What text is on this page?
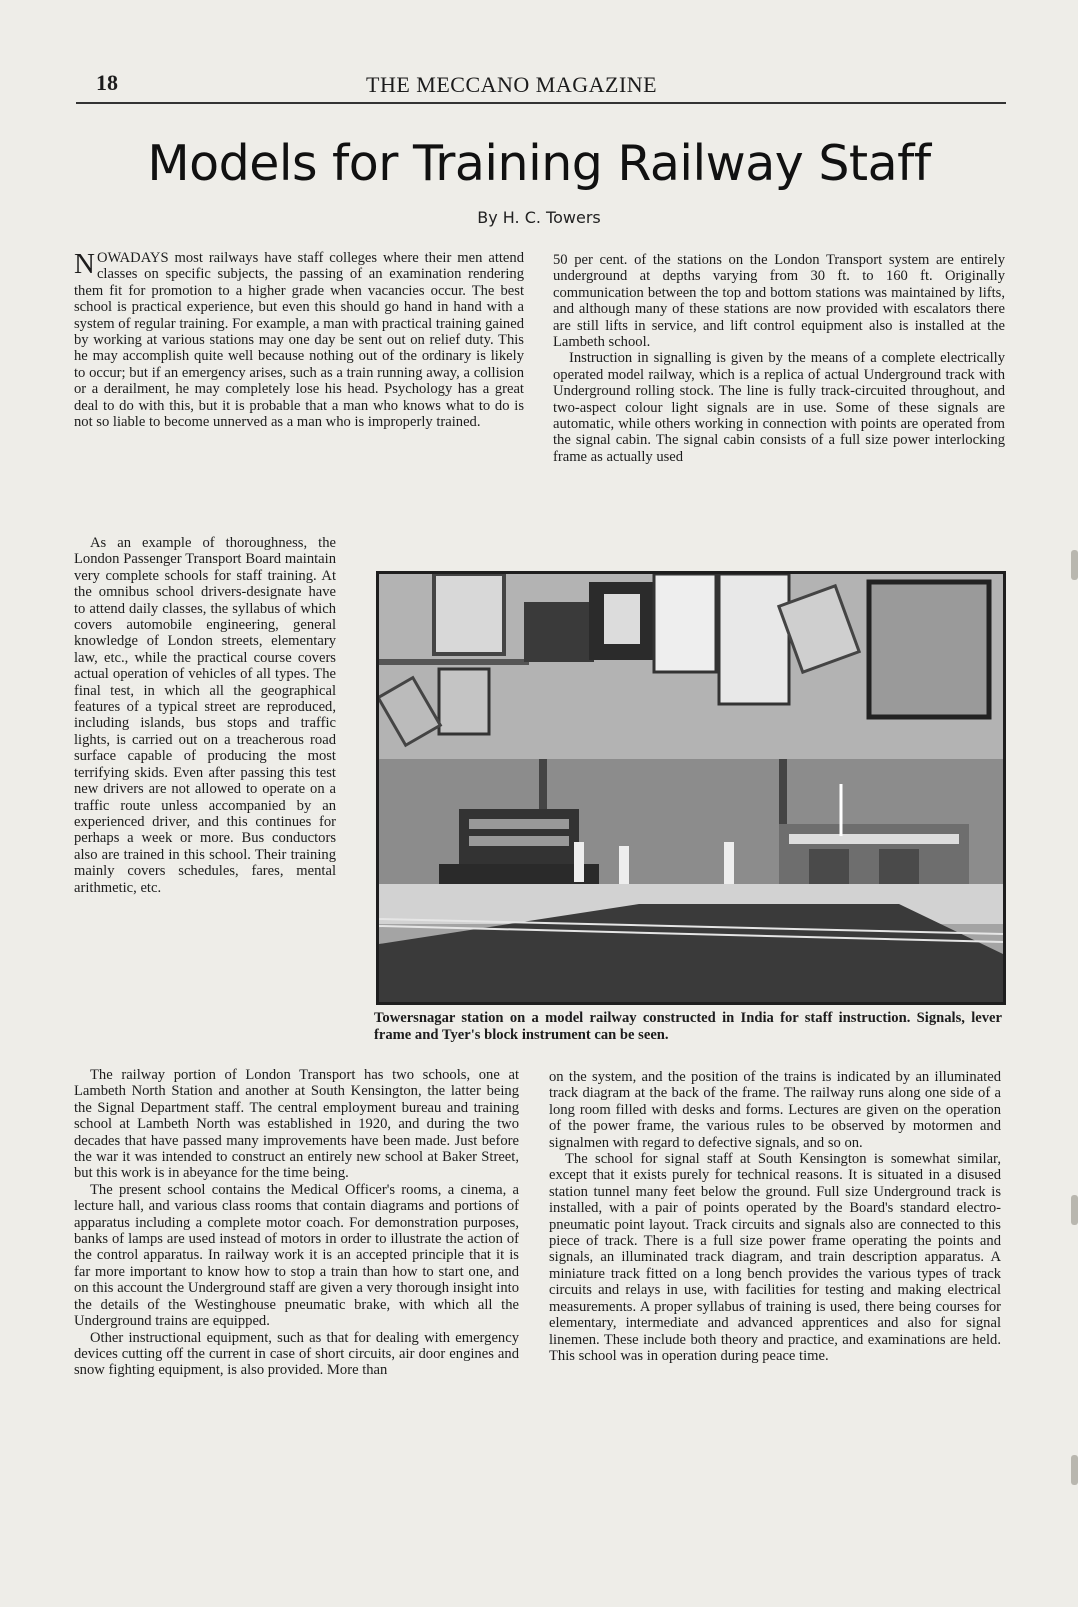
18	THE MECCANO MAGAZINE
Models for Training Railway Staff
By H. C. Towers

NOWADAYS most railways have staff colleges where their men attend classes on specific subjects, the passing of an examination rendering them fit for promotion to a higher grade when vacancies occur. The best school is practical experience, but even this should go hand in hand with a system of regular training. For example, a man with practical training gained by working at various stations may one day be sent out on relief duty. This he may accomplish quite well because nothing out of the ordinary is likely to occur; but if an emergency arises, such as a train running away, a collision or a derailment, he may completely lose his head. Psychology has a great deal to do with this, but it is probable that a man who knows what to do is not so liable to become unnerved as a man who is improperly trained.

50 per cent. of the stations on the London Transport system are entirely underground at depths varying from 30 ft. to 160 ft. Originally communication between the top and bottom stations was maintained by lifts, and although many of these stations are now provided with escalators there are still lifts in service, and lift control equipment also is installed at the Lambeth school.

Instruction in signalling is given by the means of a complete electrically operated model railway, which is a replica of actual Underground track with Underground rolling stock. The line is fully track-circuited throughout, and two-aspect colour light signals are in use. Some of these signals are automatic, while others working in connection with points are operated from the signal cabin. The signal cabin consists of a full size power interlocking frame as actually used

As an example of thoroughness, the London Passenger Transport Board maintain very complete schools for staff training. At the omnibus school drivers-designate have to attend daily classes, the syllabus of which covers automobile engineering, general knowledge of London streets, elementary law, etc., while the practical course covers actual operation of vehicles of all types. The final test, in which all the geographical features of a typical street are reproduced, including islands, bus stops and traffic lights, is carried out on a treacherous road surface capable of producing the most terrifying skids. Even after passing this test new drivers are not allowed to operate on a traffic route unless accompanied by an experienced driver, and this continues for perhaps a week or more. Bus conductors also are trained in this school. Their training mainly covers schedules, fares, mental arithmetic, etc.

Towersnagar station on a model railway constructed in India for staff instruction. Signals, lever frame and Tyer's block instrument can be seen.

The railway portion of London Transport has two schools, one at Lambeth North Station and another at South Kensington, the latter being the Signal Department staff. The central employment bureau and training school at Lambeth North was established in 1920, and during the two decades that have passed many improvements have been made. Just before the war it was intended to construct an entirely new school at Baker Street, but this work is in abeyance for the time being.

The present school contains the Medical Officer's rooms, a cinema, a lecture hall, and various class rooms that contain diagrams and portions of apparatus including a complete motor coach. For demonstration purposes, banks of lamps are used instead of motors in order to illustrate the action of the control apparatus. In railway work it is an accepted principle that it is far more important to know how to stop a train than how to start one, and on this account the Underground staff are given a very thorough insight into the details of the Westinghouse pneumatic brake, with which all the Underground trains are equipped.

Other instructional equipment, such as that for dealing with emergency devices cutting off the current in case of short circuits, air door engines and snow fighting equipment, is also provided. More than

on the system, and the position of the trains is indicated by an illuminated track diagram at the back of the frame. The railway runs along one side of a long room filled with desks and forms. Lectures are given on the operation of the power frame, the various rules to be observed by motormen and signalmen with regard to defective signals, and so on.

The school for signal staff at South Kensington is somewhat similar, except that it exists purely for technical reasons. It is situated in a disused station tunnel many feet below the ground. Full size Underground track is installed, with a pair of points operated by the Board's standard electro-pneumatic point layout. Track circuits and signals also are connected to this piece of track. There is a full size power frame operating the points and signals, an illuminated track diagram, and train description apparatus. A miniature track fitted on a long bench provides the various types of track circuits and relays in use, with facilities for testing and making electrical measurements. A proper syllabus of training is used, there being courses for elementary, intermediate and advanced apprentices and also for signal linemen. These include both theory and practice, and examinations are held. This school was in operation during peace time.
